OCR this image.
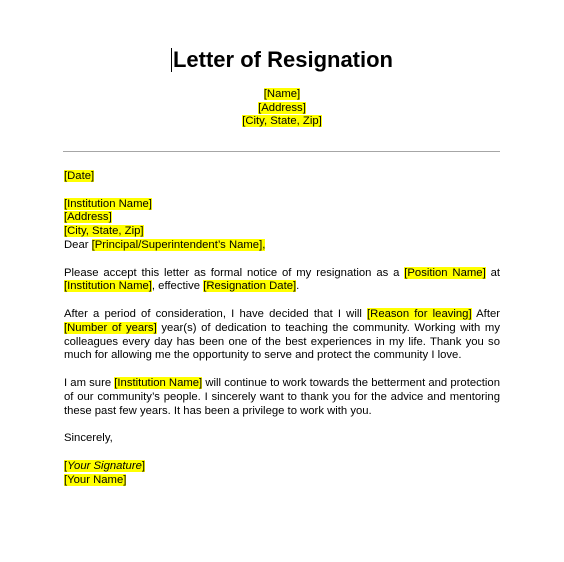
Letter of Resignation
[Name]
[Address]
[City, State, Zip]
[Date]
[Institution Name]
[Address]
[City, State, Zip]
Dear [Principal/Superintendent’s Name],

Please accept this letter as formal notice of my resignation as a [Position Name] at [Institution Name], effective [Resignation Date].

After a period of consideration, I have decided that I will [Reason for leaving] After [Number of years] year(s) of dedication to teaching the community. Working with my colleagues every day has been one of the best experiences in my life. Thank you so much for allowing me the opportunity to serve and protect the community I love.

I am sure [Institution Name] will continue to work towards the betterment and protection of our community’s people. I sincerely want to thank you for the advice and mentoring these past few years. It has been a privilege to work with you.

Sincerely,
[Your Signature]
[Your Name]
